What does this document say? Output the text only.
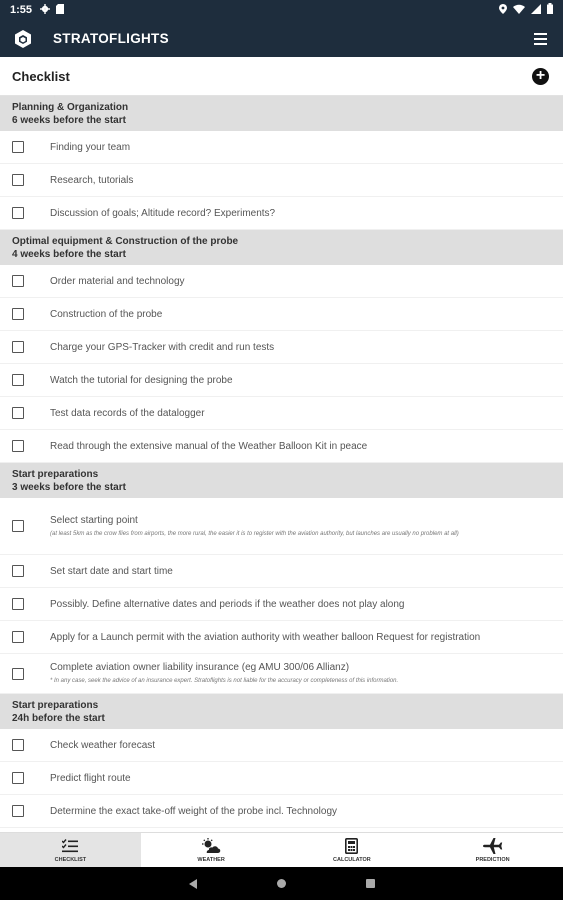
1:55
STRATOFLIGHTS
Checklist	+
Planning & Organization
6 weeks before the start
Finding your team
Research, tutorials
Discussion of goals; Altitude record? Experiments?
Optimal equipment & Construction of the probe
4 weeks before the start
Order material and technology
Construction of the probe
Charge your GPS-Tracker with credit and run tests
Watch the tutorial for designing the probe
Test data records of the datalogger
Read through the extensive manual of the Weather Balloon Kit in peace
Start preparations
3 weeks before the start
Select starting point
(at least 5km as the crow flies from airports, the more rural, the easier it is to register with the aviation authority, but launches are usually no problem at all)
Set start date and start time
Possibly. Define alternative dates and periods if the weather does not play along
Apply for a Launch permit with the aviation authority with weather balloon Request for registration
Complete aviation owner liability insurance (eg AMU 300/06 Allianz)
* In any case, seek the advice of an insurance expert. Stratoflights is not liable for the accuracy or completeness of this information.
Start preparations
24h before the start
Check weather forecast
Predict flight route
Determine the exact take-off weight of the probe incl. Technology
CHECKLIST	WEATHER	CALCULATOR	PREDICTION
